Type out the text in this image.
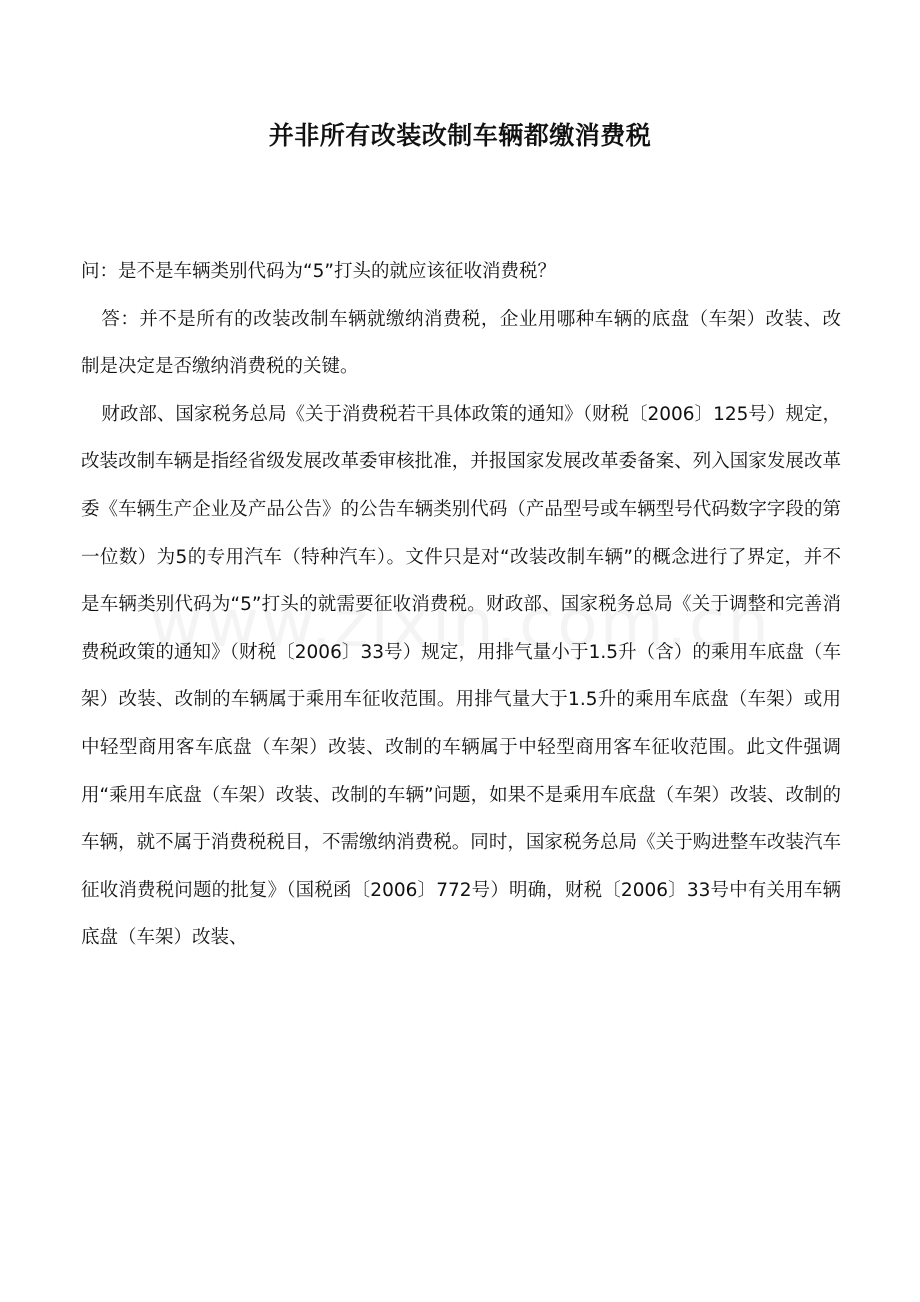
并非所有改装改制车辆都缴消费税

问：是不是车辆类别代码为“5”打头的就应该征收消费税？

答：并不是所有的改装改制车辆就缴纳消费税，企业用哪种车辆的底盘（车架）改装、改制是决定是否缴纳消费税的关键。

财政部、国家税务总局《关于消费税若干具体政策的通知》（财税〔2006〕125号）规定，改装改制车辆是指经省级发展改革委审核批准，并报国家发展改革委备案、列入国家发展改革委《车辆生产企业及产品公告》的公告车辆类别代码（产品型号或车辆型号代码数字字段的第一位数）为5的专用汽车（特种汽车）。文件只是对“改装改制车辆”的概念进行了界定，并不是车辆类别代码为“5”打头的就需要征收消费税。财政部、国家税务总局《关于调整和完善消费税政策的通知》（财税〔2006〕33号）规定，用排气量小于1.5升（含）的乘用车底盘（车架）改装、改制的车辆属于乘用车征收范围。用排气量大于1.5升的乘用车底盘（车架）或用中轻型商用客车底盘（车架）改装、改制的车辆属于中轻型商用客车征收范围。此文件强调用“乘用车底盘（车架）改装、改制的车辆”问题，如果不是乘用车底盘（车架）改装、改制的车辆，就不属于消费税税目，不需缴纳消费税。同时，国家税务总局《关于购进整车改装汽车征收消费税问题的批复》（国税函〔2006〕772号）明确，财税〔2006〕33号中有关用车辆底盘（车架）改装、
